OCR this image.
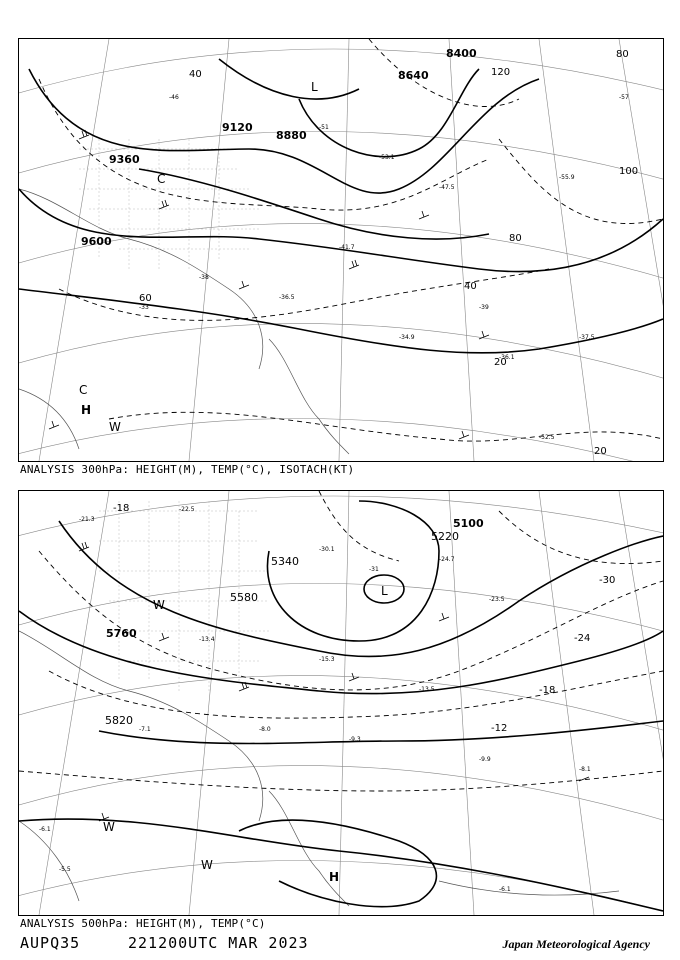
-46
-51
-53.1
-47.5
-41.7
-36.5
-38
-33
-34.9
-39
-36.1
-52.5
-37.5
-57
-55.9
8400
8640
9120
8880
9360
9600
120
80
40
100
60
20
80
40
20
L
C
C
H
W
ANALYSIS 300hPa: HEIGHT(M), TEMP(°C), ISOTACH(KT)
-21.3
-22.5
-30.1
-31
-24.7
-23.5
-13.4
-15.3
-13.5
-7.1	-8.0
-9.3
-9.9
-8.1
-6.1
-6.1
-5.5
5100
5220
5340
5580
5760
5820
-18
-30
-24
-18
-12
L
H
W
W
W
ANALYSIS 500hPa: HEIGHT(M), TEMP(°C)
AUPQ35	221200UTC MAR 2023	Japan Meteorological Agency
